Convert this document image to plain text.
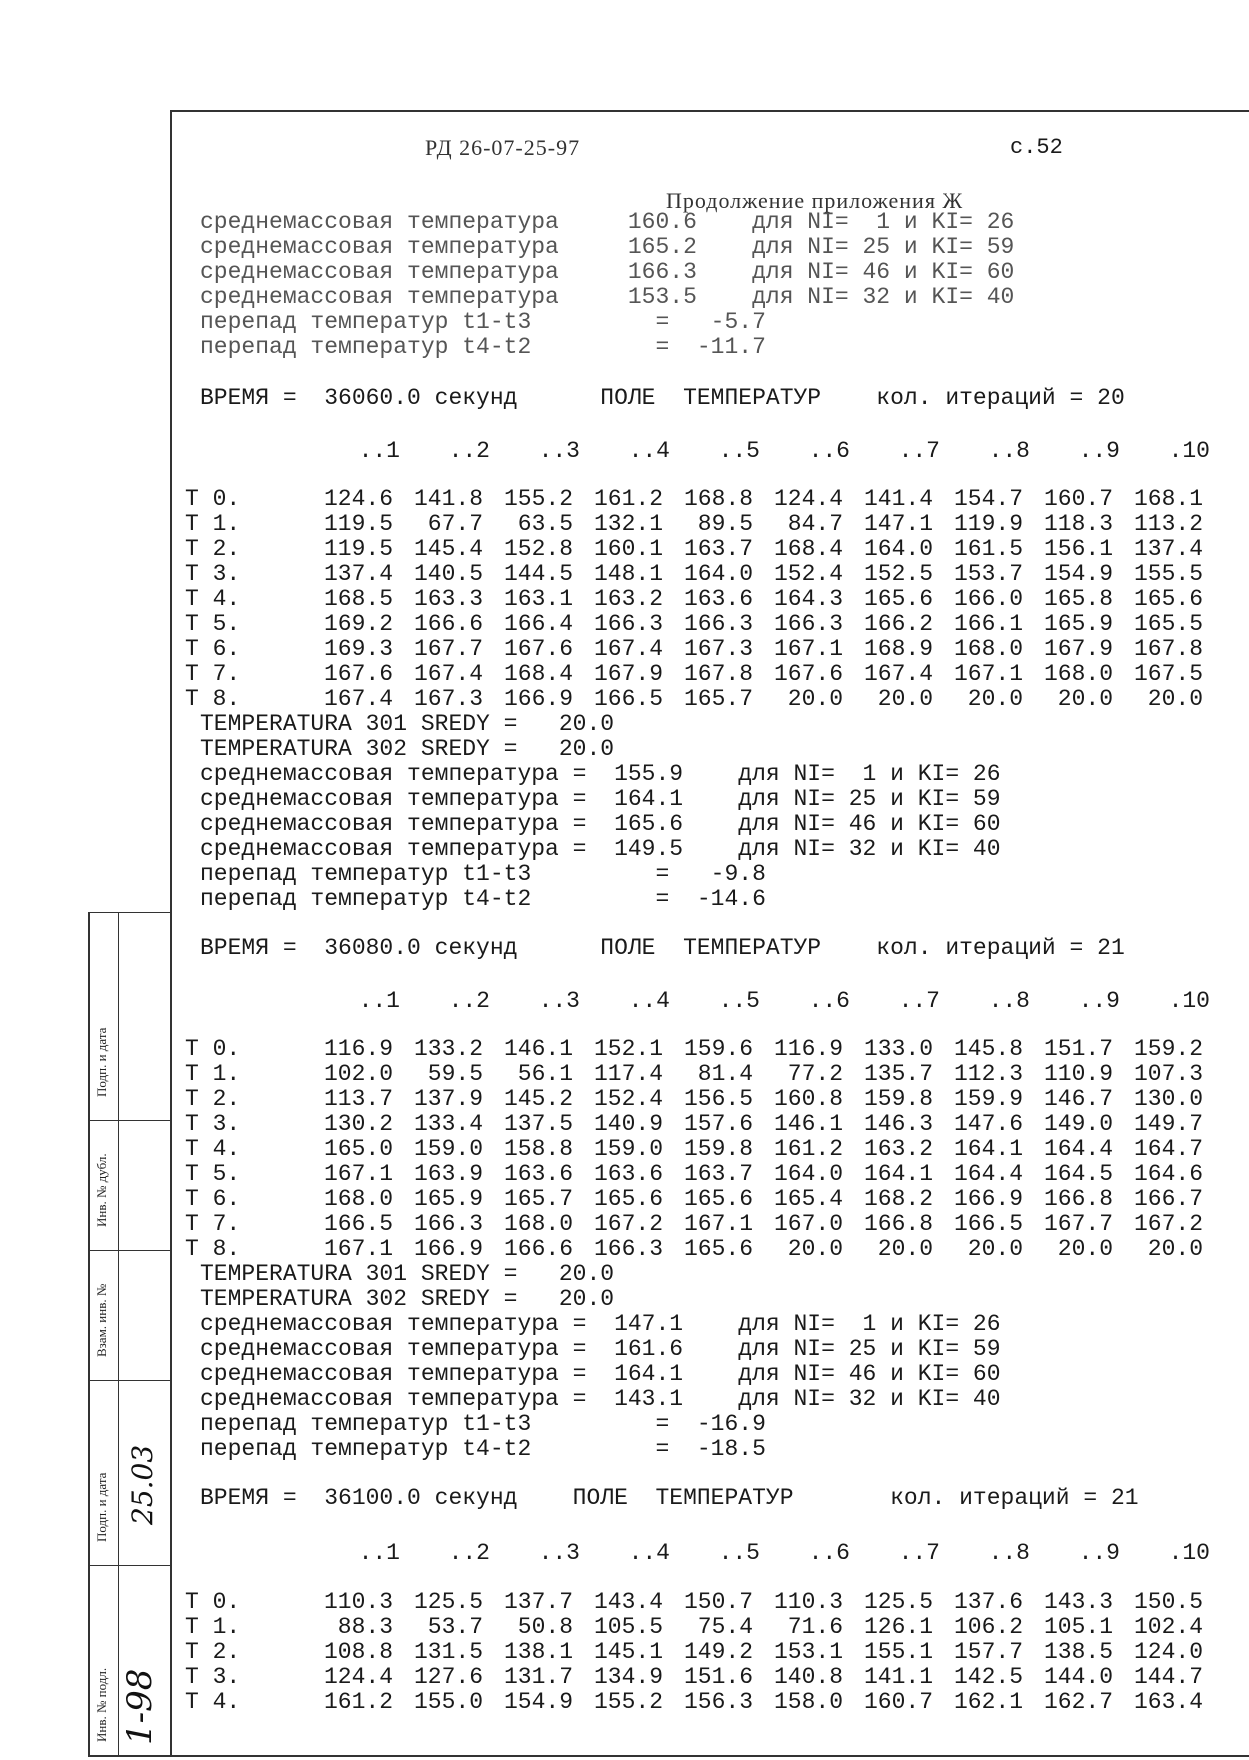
РД 26-07-25-97	с.52
Продолжение приложения Ж
среднемассовая температура     160.6    для NI=  1 и KI= 26
среднемассовая температура     165.2    для NI= 25 и KI= 59
среднемассовая температура     166.3    для NI= 46 и KI= 60
среднемассовая температура     153.5    для NI= 32 и KI= 40
перепад температур t1-t3         =   -5.7
перепад температур t4-t2         =  -11.7
ВРЕМЯ =  36060.0 секунд      ПОЛЕ  ТЕМПЕРАТУР    кол. итераций = 20
..1	..2	..3	..4	..5	..6	..7	..8	..9	.10
T 0.	124.6 141.8 155.2 161.2 168.8 124.4 141.4 154.7 160.7 168.1
T 1.	119.5	67.7	63.5 132.1	89.5	84.7 147.1 119.9 118.3 113.2
T 2.	119.5 145.4 152.8 160.1 163.7 168.4 164.0 161.5 156.1 137.4
T 3.	137.4 140.5 144.5 148.1 164.0 152.4 152.5 153.7 154.9 155.5
T 4.	168.5 163.3 163.1 163.2 163.6 164.3 165.6 166.0 165.8 165.6
T 5.	169.2 166.6 166.4 166.3 166.3 166.3 166.2 166.1 165.9 165.5
T 6.	169.3 167.7 167.6 167.4 167.3 167.1 168.9 168.0 167.9 167.8
T 7.	167.6 167.4 168.4 167.9 167.8 167.6 167.4 167.1 168.0 167.5
T 8.	167.4 167.3 166.9 166.5 165.7	20.0	20.0	20.0	20.0	20.0
TEMPERATURA 301 SREDY =   20.0
TEMPERATURA 302 SREDY =   20.0
среднемассовая температура =  155.9    для NI=  1 и KI= 26
среднемассовая температура =  164.1    для NI= 25 и KI= 59
среднемассовая температура =  165.6    для NI= 46 и KI= 60
среднемассовая температура =  149.5    для NI= 32 и KI= 40
перепад температур t1-t3         =   -9.8
перепад температур t4-t2         =  -14.6
ВРЕМЯ =  36080.0 секунд      ПОЛЕ  ТЕМПЕРАТУР    кол. итераций = 21
..1	..2	..3	..4	..5	..6	..7	..8	..9	.10
T 0.	116.9 133.2 146.1 152.1 159.6 116.9 133.0 145.8 151.7 159.2
T 1.	102.0	59.5	56.1 117.4	81.4	77.2 135.7 112.3 110.9 107.3
T 2.	113.7 137.9 145.2 152.4 156.5 160.8 159.8 159.9 146.7 130.0
T 3.	130.2 133.4 137.5 140.9 157.6 146.1 146.3 147.6 149.0 149.7
T 4.	165.0 159.0 158.8 159.0 159.8 161.2 163.2 164.1 164.4 164.7
T 5.	167.1 163.9 163.6 163.6 163.7 164.0 164.1 164.4 164.5 164.6
T 6.	168.0 165.9 165.7 165.6 165.6 165.4 168.2 166.9 166.8 166.7
T 7.	166.5 166.3 168.0 167.2 167.1 167.0 166.8 166.5 167.7 167.2
T 8.	167.1 166.9 166.6 166.3 165.6	20.0	20.0	20.0	20.0	20.0
TEMPERATURA 301 SREDY =   20.0
TEMPERATURA 302 SREDY =   20.0
среднемассовая температура =  147.1    для NI=  1 и KI= 26
среднемассовая температура =  161.6    для NI= 25 и KI= 59
среднемассовая температура =  164.1    для NI= 46 и KI= 60
среднемассовая температура =  143.1    для NI= 32 и KI= 40
перепад температур t1-t3         =  -16.9
перепад температур t4-t2         =  -18.5
ВРЕМЯ =  36100.0 секунд    ПОЛЕ  ТЕМПЕРАТУР       кол. итераций = 21
..1	..2	..3	..4	..5	..6	..7	..8	..9	.10
T 0.	110.3 125.5 137.7 143.4 150.7 110.3 125.5 137.6 143.3 150.5
T 1.	88.3	53.7	50.8 105.5	75.4	71.6 126.1 106.2 105.1 102.4
T 2.	108.8 131.5 138.1 145.1 149.2 153.1 155.1 157.7 138.5 124.0
T 3.	124.4 127.6 131.7 134.9 151.6 140.8 141.1 142.5 144.0 144.7
T 4.	161.2 155.0 154.9 155.2 156.3 158.0 160.7 162.1 162.7 163.4
Подп. и дата
Инв. № дубл.
Взам. инв. №
Подп. и дата
Инв. № подл. 1-98
25.03
